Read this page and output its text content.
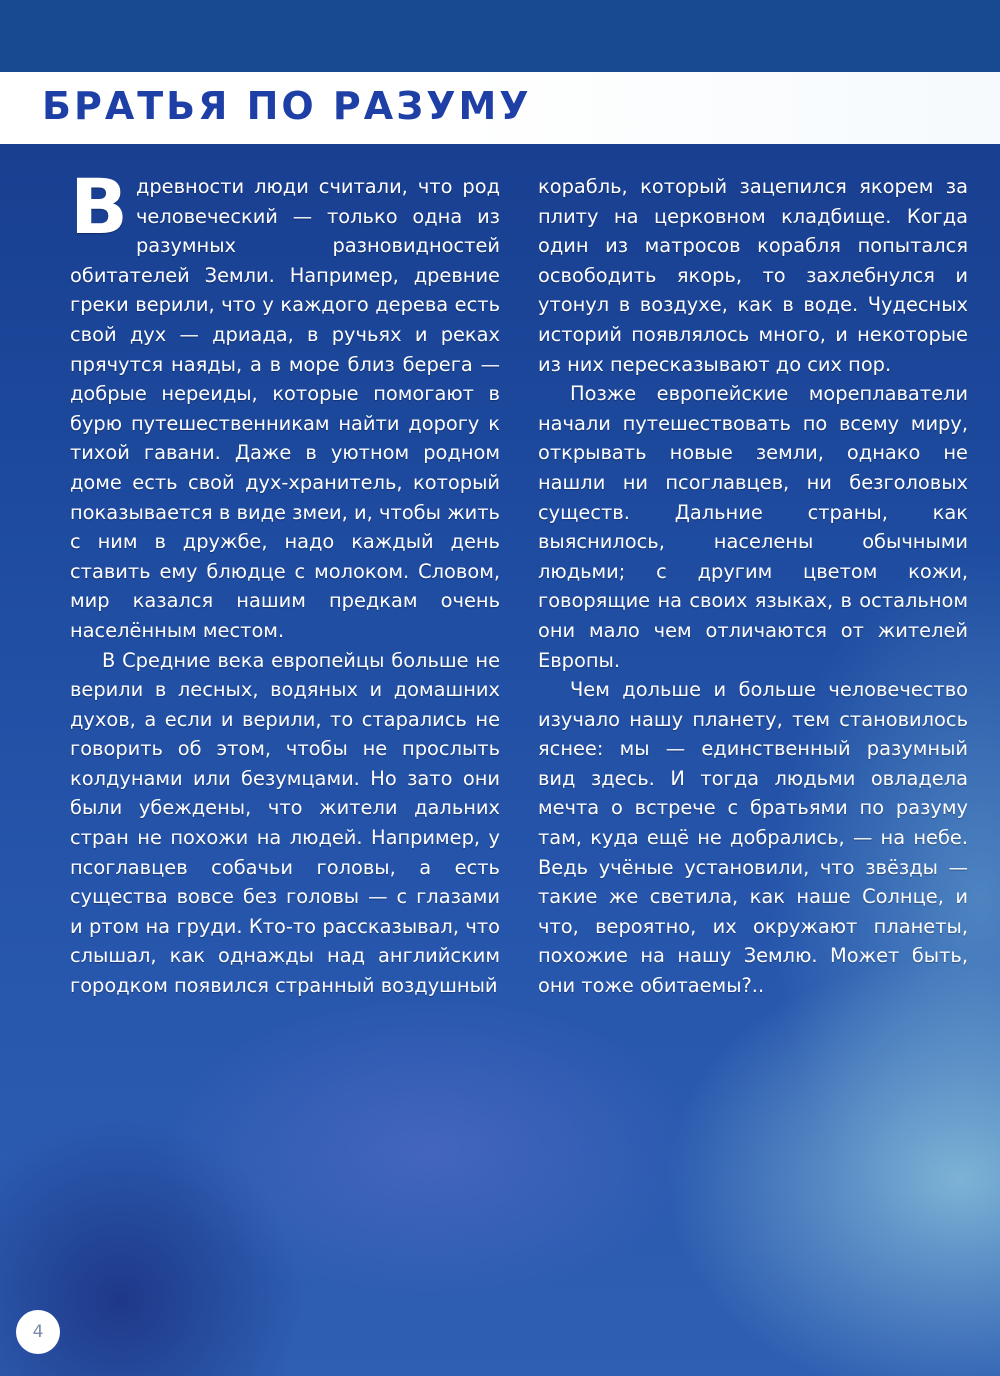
БРАТЬЯ ПО РАЗУМУ

Вдревности люди считали, что род человеческий — только одна из разумных разновидностей обитателей Земли. Например, древние греки верили, что у каждого дерева есть свой дух — дриада, в ручьях и реках прячутся наяды, а в море близ берега — добрые нереиды, которые помогают в бурю путешественникам найти дорогу к тихой гавани. Даже в уютном родном доме есть свой дух-хранитель, который показывается в виде змеи, и, чтобы жить с ним в дружбе, надо каждый день ставить ему блюдце с молоком. Словом, мир казался нашим предкам очень населённым местом.

В Средние века европейцы больше не верили в лесных, водяных и домашних духов, а если и верили, то старались не говорить об этом, чтобы не прослыть колдунами или безумцами. Но зато они были убеждены, что жители дальних стран не похожи на людей. Например, у псоглавцев собачьи головы, а есть существа вовсе без головы — с глазами и ртом на груди. Кто-то рассказывал, что слышал, как однажды над английским городком появился странный воздушный

корабль, который зацепился якорем за плиту на церковном кладбище. Когда один из матросов корабля попытался освободить якорь, то захлебнулся и утонул в воздухе, как в воде. Чудесных историй появлялось много, и некоторые из них пересказывают до сих пор.

Позже европейские мореплаватели начали путешествовать по всему миру, открывать новые земли, однако не нашли ни псоглавцев, ни безголовых существ. Дальние страны, как выяснилось, населены обычными людьми; с другим цветом кожи, говорящие на своих языках, в остальном они мало чем отличаются от жителей Европы.

Чем дольше и больше человечество изучало нашу планету, тем становилось яснее: мы — единственный разумный вид здесь. И тогда людьми овладела мечта о встрече с братьями по разуму там, куда ещё не добрались, — на небе. Ведь учёные установили, что звёзды — такие же светила, как наше Солнце, и что, вероятно, их окружают планеты, похожие на нашу Землю. Может быть, они тоже обитаемы?..

4
